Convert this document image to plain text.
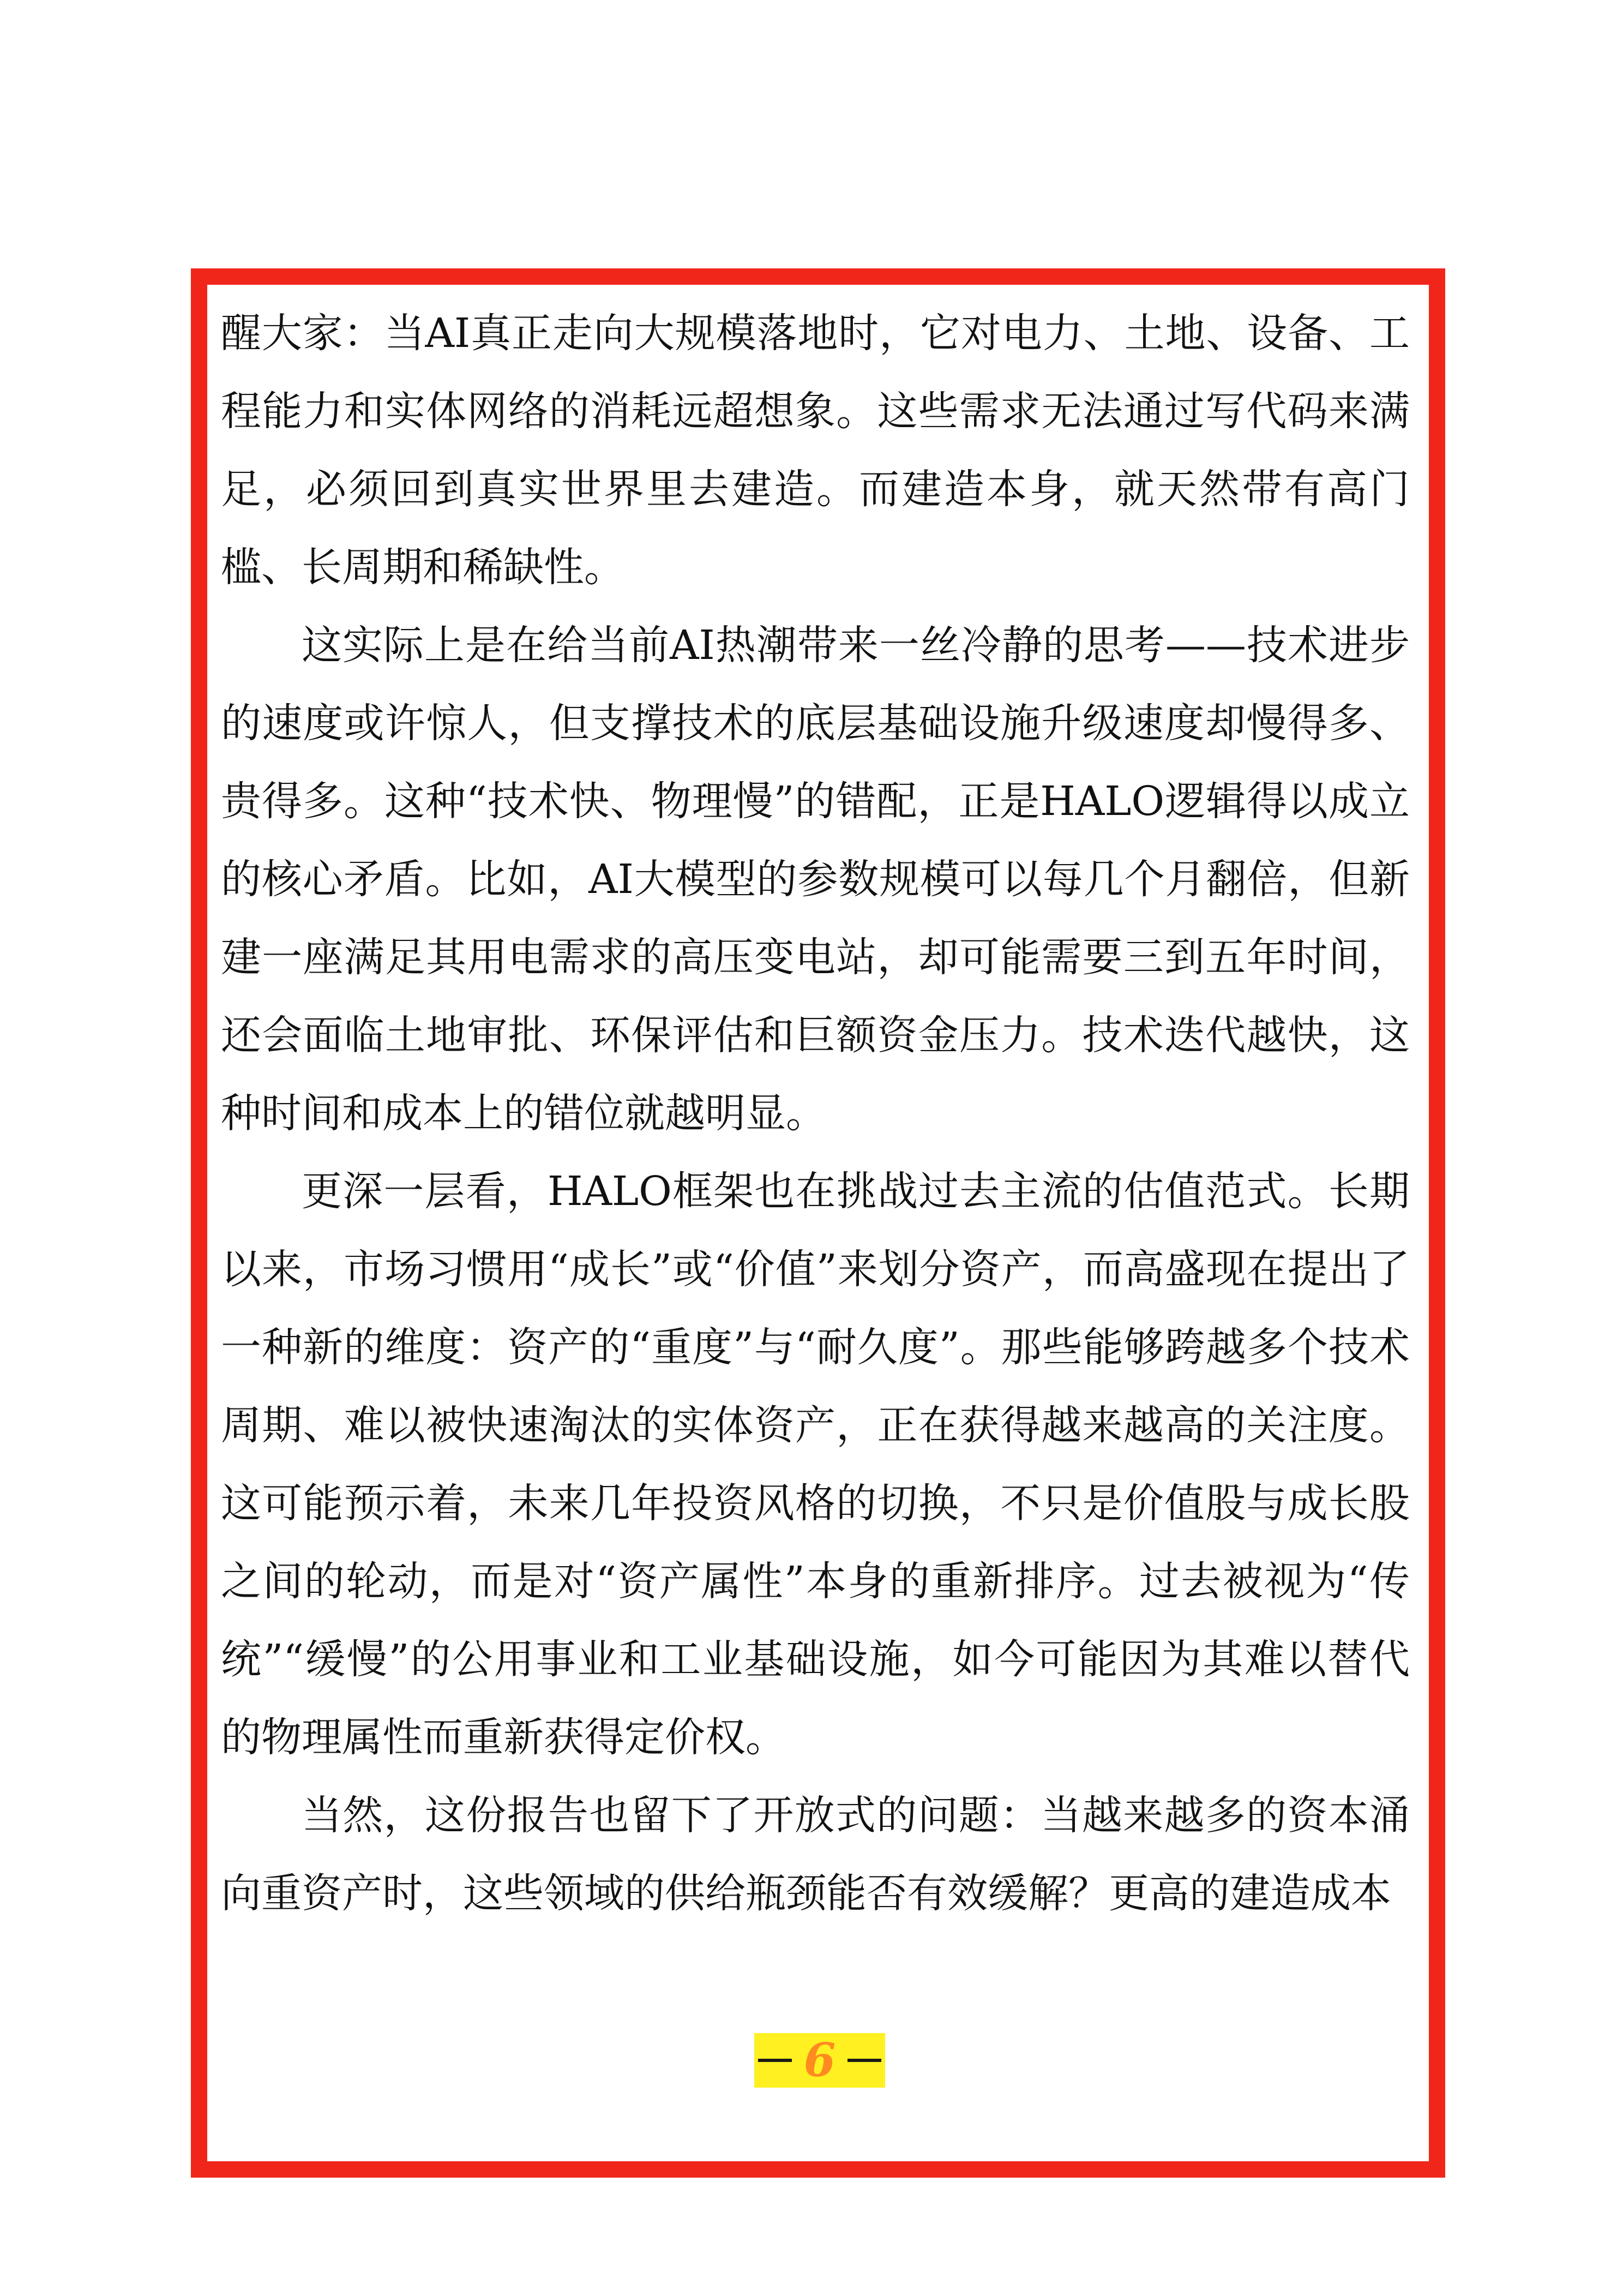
醒大家：当AI真正走向大规模落地时，它对电力、土地、设备、工程能力和实体网络的消耗远超想象。这些需求无法通过写代码来满足，必须回到真实世界里去建造。而建造本身，就天然带有高门槛、长周期和稀缺性。

这实际上是在给当前AI热潮带来一丝冷静的思考——技术进步的速度或许惊人，但支撑技术的底层基础设施升级速度却慢得多、贵得多。这种“技术快、物理慢”的错配，正是HALO逻辑得以成立的核心矛盾。比如，AI大模型的参数规模可以每几个月翻倍，但新建一座满足其用电需求的高压变电站，却可能需要三到五年时间，还会面临土地审批、环保评估和巨额资金压力。技术迭代越快，这种时间和成本上的错位就越明显。

更深一层看，HALO框架也在挑战过去主流的估值范式。长期以来，市场习惯用“成长”或“价值”来划分资产，而高盛现在提出了一种新的维度：资产的“重度”与“耐久度”。那些能够跨越多个技术周期、难以被快速淘汰的实体资产，正在获得越来越高的关注度。这可能预示着，未来几年投资风格的切换，不只是价值股与成长股之间的轮动，而是对“资产属性”本身的重新排序。过去被视为“传统”“缓慢”的公用事业和工业基础设施，如今可能因为其难以替代的物理属性而重新获得定价权。

当然，这份报告也留下了开放式的问题：当越来越多的资本涌向重资产时，这些领域的供给瓶颈能否有效缓解？更高的建造成本

6
